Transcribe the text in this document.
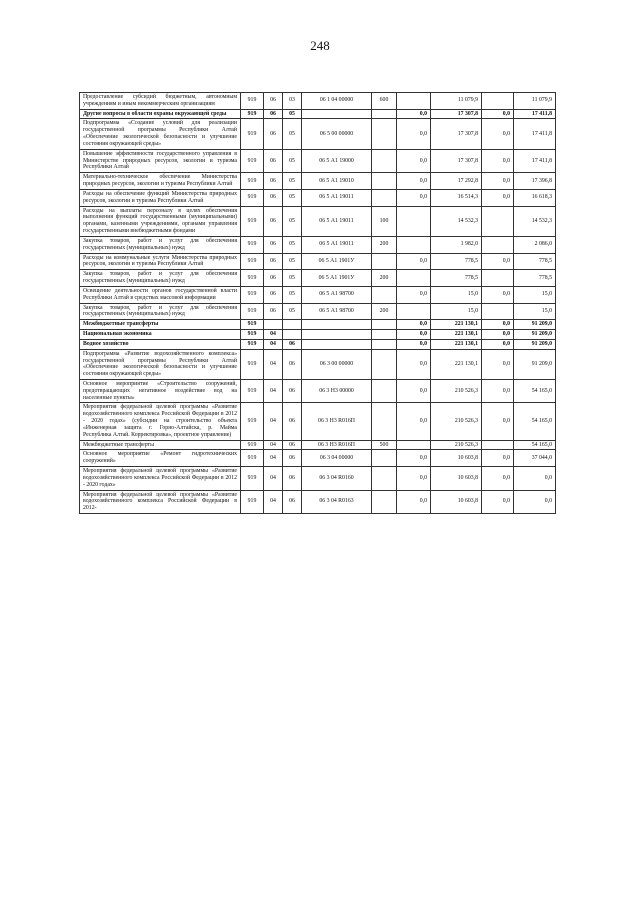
248
Предоставление субсидий бюджетным, автономным учреждениям и иным некоммерческим организациям	919	06	03	06 1 04 00000	600		11 079,9		11 079,9
Другие вопросы в области охраны окружающей среды	919	06	05			0,0	17 307,8	0,0	17 411,8
Подпрограмма «Создание условий для реализации государственной программы Республики Алтай «Обеспечение экологической безопасности и улучшение состояния окружающей среды»	919	06	05	06 5 00 00000		0,0	17 307,8	0,0	17 411,8
Повышение эффективности государственного управления в Министерстве природных ресурсов, экологии и туризма Республики Алтай	919	06	05	06 5 А1 19000		0,0	17 307,8	0,0	17 411,8
Материально-техническое обеспечение Министерства природных ресурсов, экологии и туризма Республики Алтай	919	06	05	06 5 А1 19010		0,0	17 292,8	0,0	17 396,8
Расходы на обеспечение функций Министерства природных ресурсов, экологии и туризма Республики Алтай	919	06	05	06 5 А1 19011		0,0	16 514,3	0,0	16 618,3
Расходы на выплаты персоналу в целях обеспечения выполнения функций государственными (муниципальными) органами, казенными учреждениями, органами управления государственными внебюджетными фондами	919	06	05	06 5 А1 19011	100		14 532,3		14 532,3
Закупка товаров, работ и услуг для обеспечения государственных (муниципальных) нужд	919	06	05	06 5 А1 19011	200		1 982,0		2 086,0
Расходы на коммунальные услуги Министерства природных ресурсов, экологии и туризма Республики Алтай	919	06	05	06 5 А1 1901У		0,0	778,5	0,0	778,5
Закупка товаров, работ и услуг для обеспечения государственных (муниципальных) нужд	919	06	05	06 5 А1 1901У	200		778,5		778,5
Освещение деятельности органов государственной власти Республики Алтай в средствах массовой информации	919	06	05	06 5 А1 98700		0,0	15,0	0,0	15,0
Закупка товаров, работ и услуг для обеспечения государственных (муниципальных) нужд	919	06	05	06 5 А1 98700	200		15,0		15,0
Межбюджетные трансферты	919					0,0	221 130,1	0,0	91 209,0
Национальная экономика	919	04				0,0	221 130,1	0,0	91 209,0
Водное хозяйство	919	04	06			0,0	221 130,1	0,0	91 209,0
Подпрограмма «Развитие водохозяйственного комплекса» государственной программы Республики Алтай «Обеспечение экологической безопасности и улучшение состояния окружающей среды»	919	04	06	06 3 00 00000		0,0	221 130,1	0,0	91 209,0
Основное мероприятие «Строительство сооружений, предотвращающих негативное воздействие вод на населенные пункты»	919	04	06	06 3 Н3 00000		0,0	210 526,3	0,0	54 165,0
Мероприятия федеральной целевой программы «Развитие водохозяйственного комплекса Российской Федерации в 2012 - 2020 годах» (субсидии на строительство объекта «Инженерная защита г. Горно-Алтайска, р. Майма Республика Алтай. Корректировка», проектное управление)	919	04	06	06 3 Н3 R016П		0,0	210 526,3	0,0	54 165,0
Межбюджетные трансферты	919	04	06	06 3 Н3 R016П	500		210 526,3		54 165,0
Основное мероприятие «Ремонт гидротехнических сооружений»	919	04	06	06 3 04 00000		0,0	10 603,8	0,0	37 044,0
Мероприятия федеральной целевой программы «Развитие водохозяйственного комплекса Российской Федерации в 2012 - 2020 годах»	919	04	06	06 3 04 R0160		0,0	10 603,8	0,0	0,0
Мероприятия федеральной целевой программы «Развитие водохозяйственного комплекса Российской Федерации в 2012-	919	04	06	06 3 04 R0163		0,0	10 603,8	0,0	0,0
